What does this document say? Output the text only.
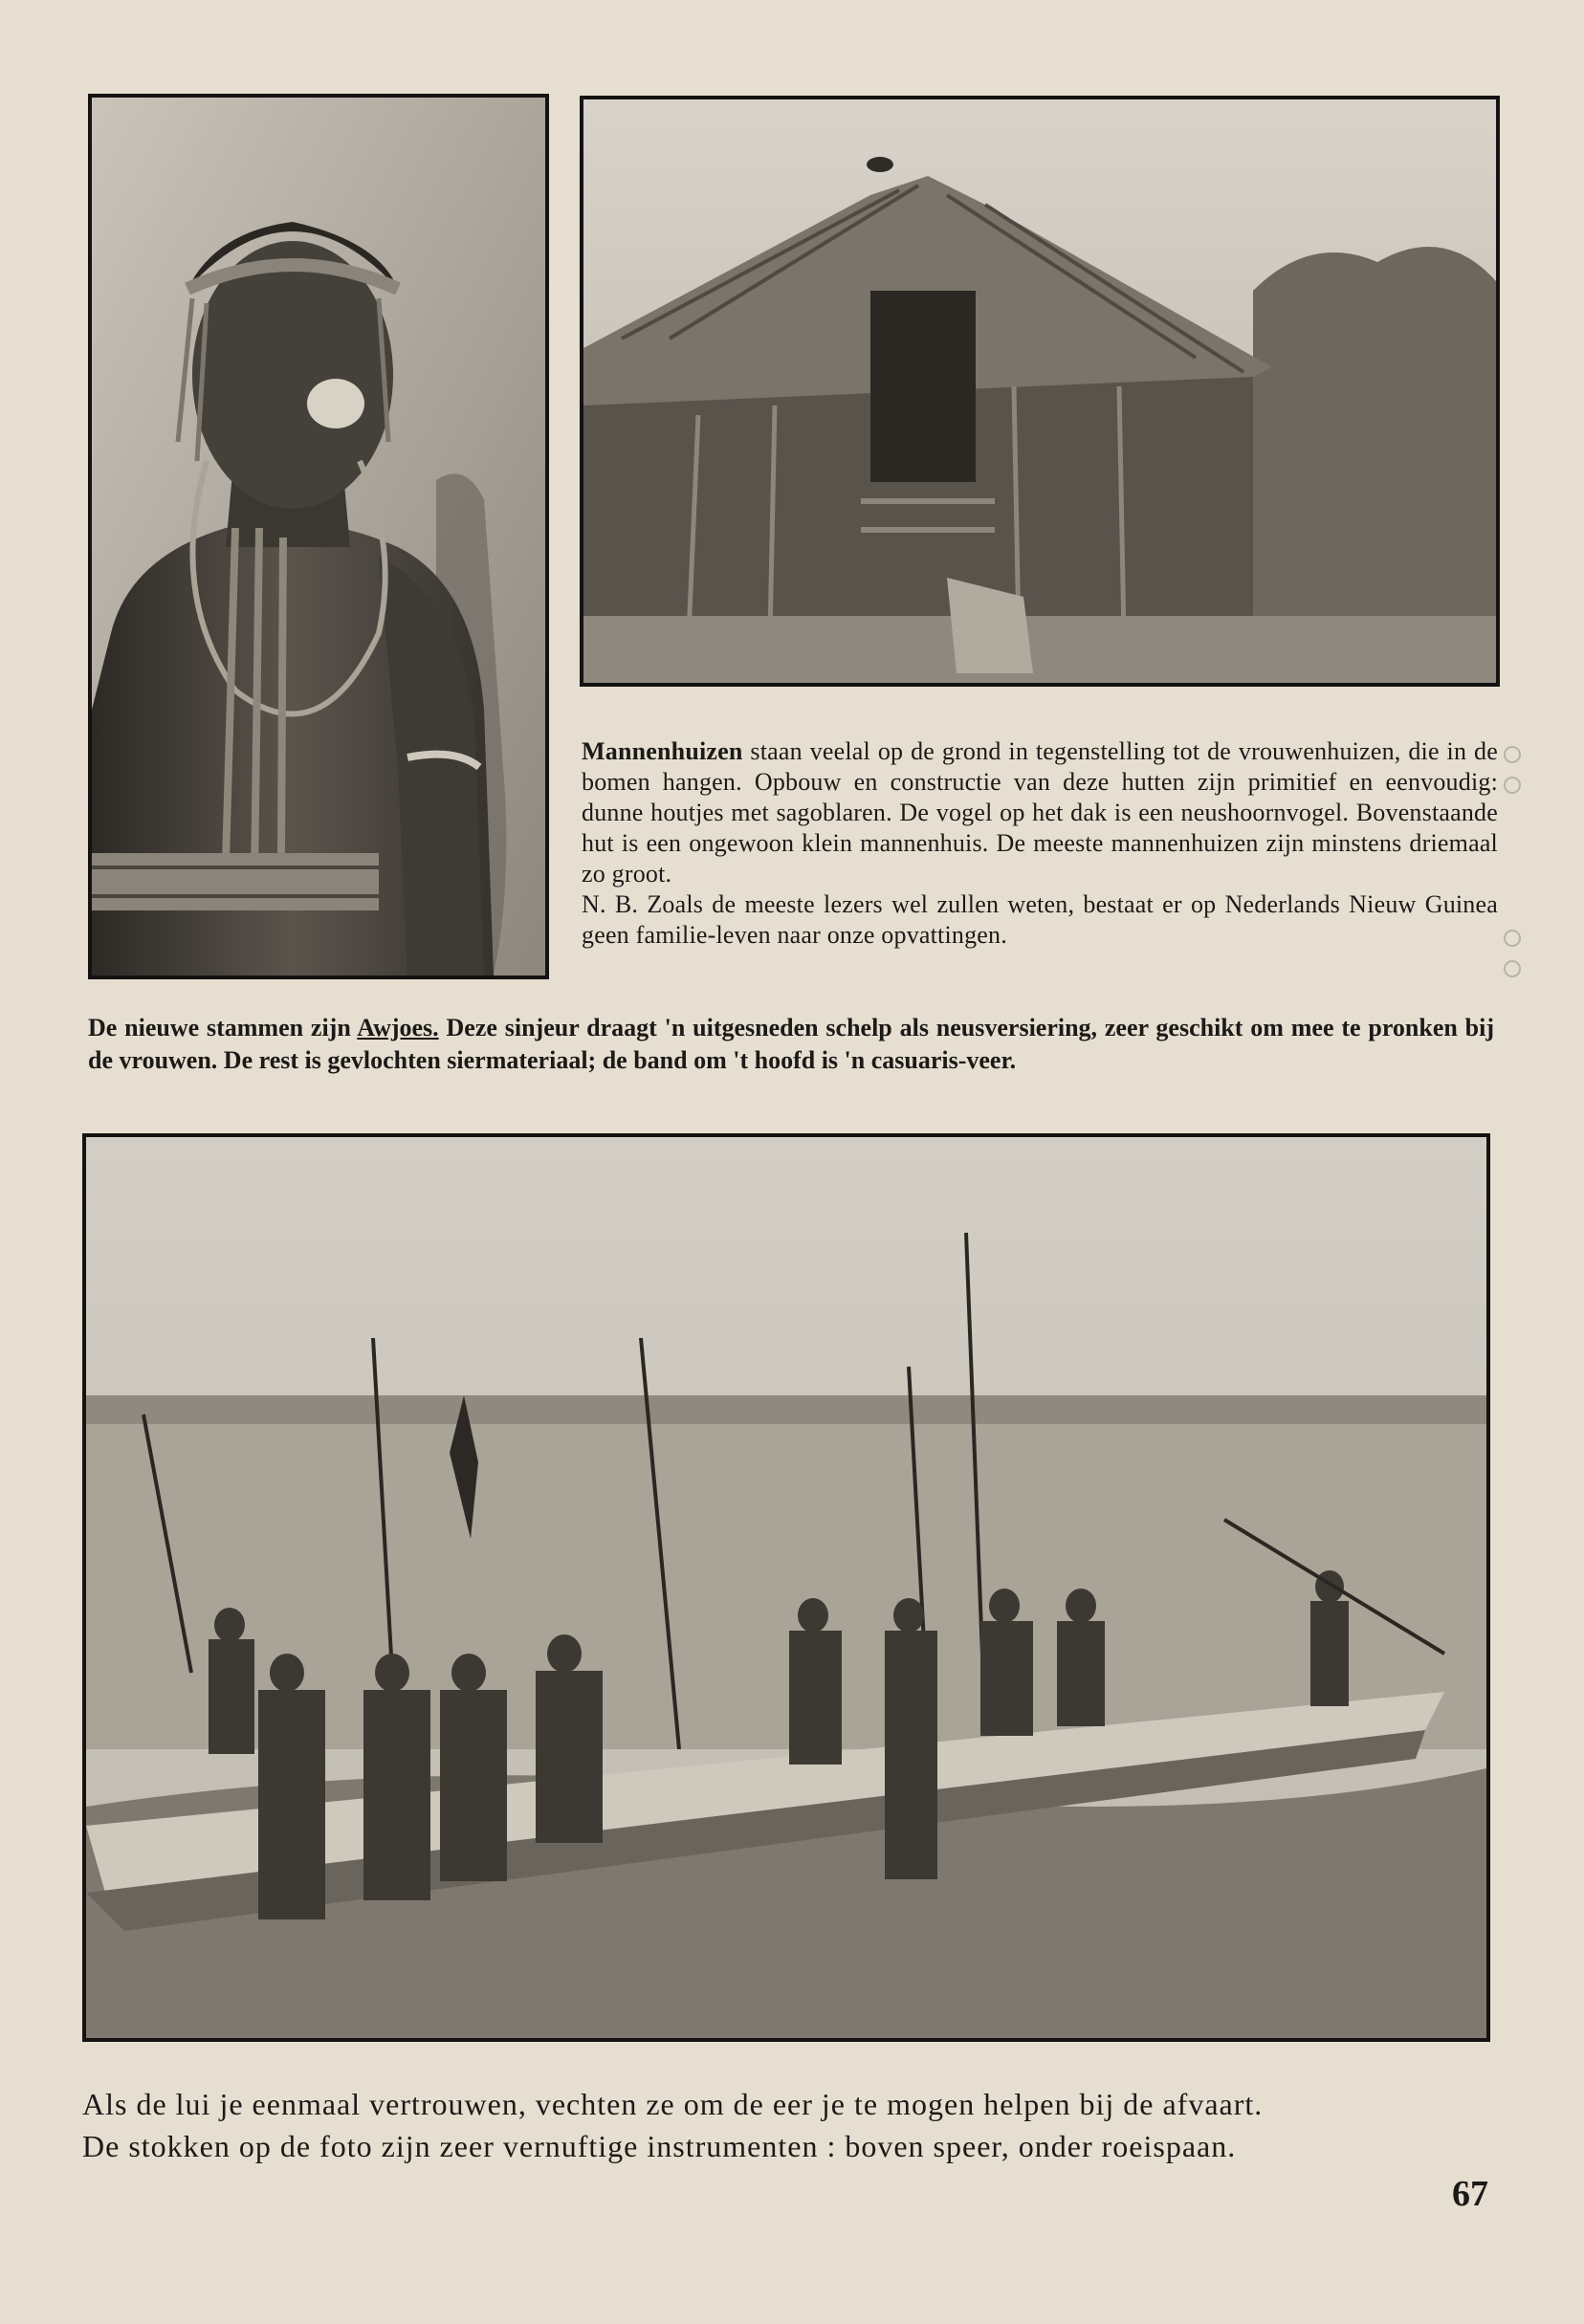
Mannenhuizen staan veelal op de grond in tegenstelling tot de vrouwenhuizen, die in de bomen hangen. Opbouw en constructie van deze hutten zijn primitief en eenvoudig: dunne houtjes met sagoblaren. De vogel op het dak is een neushoornvogel. Bovenstaande hut is een ongewoon klein mannenhuis. De meeste mannenhuizen zijn minstens driemaal zo groot.

N. B. Zoals de meeste lezers wel zullen weten, bestaat er op Nederlands Nieuw Guinea geen familie-leven naar onze opvattingen.

De nieuwe stammen zijn Awjoes. Deze sinjeur draagt 'n uitgesneden schelp als neusversiering, zeer geschikt om mee te pronken bij de vrouwen. De rest is gevlochten siermateriaal; de band om 't hoofd is 'n casuaris-veer.

Als de lui je eenmaal vertrouwen, vechten ze om de eer je te mogen helpen bij de afvaart.

De stokken op de foto zijn zeer vernuftige instrumenten : boven speer, onder roeispaan.

67
